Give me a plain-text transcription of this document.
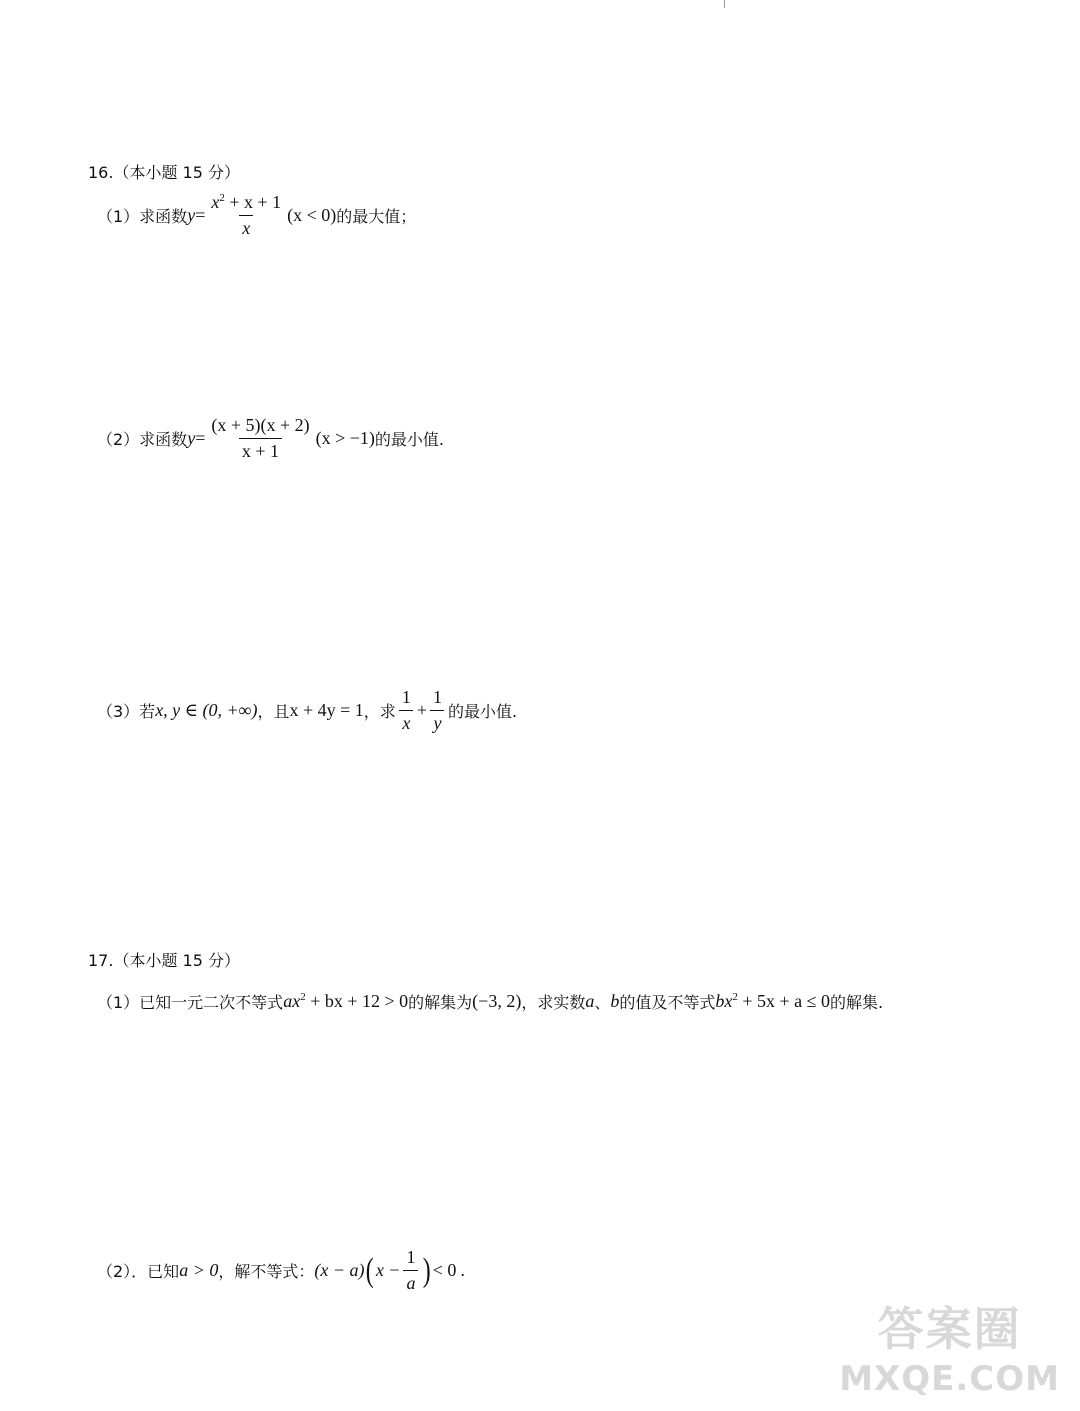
16.（本小题 15 分）
（1）求函数 $y = \frac{x^2 + x + 1}{x} (x < 0)$ 的最大值；
（2）求函数 $y = \frac{(x + 5)(x + 2)}{x + 1} (x > -1)$ 的最小值.
（3）若 x, y ∈ (0, +∞) ，且 x + 4y = 1 ，求 $\frac{1}{x} + \frac{1}{y}$ 的最小值.
17.（本小题 15 分）
（1）已知一元二次不等式 $ax^2$ + bx + 12 > 0 的解集为 (−3, 2) ，求实数 a 、 b 的值及不等式 $bx^2 + 5x + a \le 0$ 的解集.
（2）．已知 a > 0 ，解不等式： (x − a) ( $x - \frac{1}{a}$ ) < 0 .
答案圈
MXQE.COM
